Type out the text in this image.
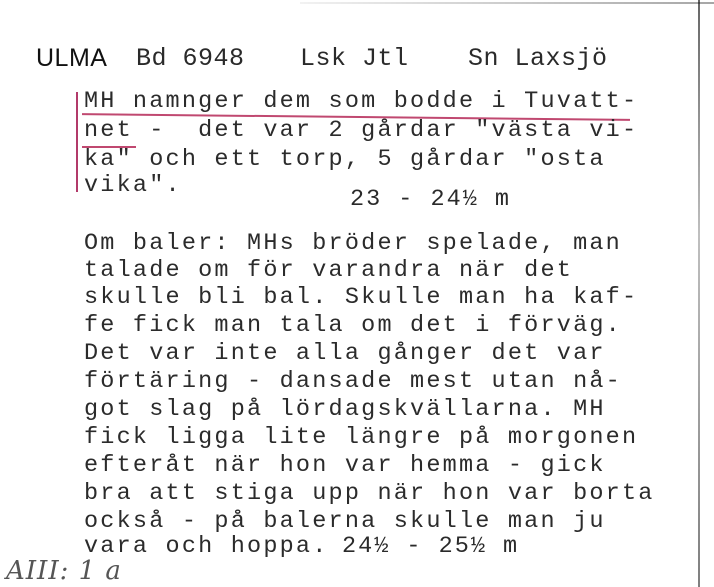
ULMA Bd 6948 Lsk Jtl Sn Laxsjö
MH namnger dem som bodde i Tuvatt-
net -  det var 2 gårdar "västa vi-
ka" och ett torp, 5 gårdar "osta
vika".
23 - 24½ m
Om baler: MHs bröder spelade, man
talade om för varandra när det
skulle bli bal. Skulle man ha kaf-
fe fick man tala om det i förväg.
Det var inte alla gånger det var
förtäring - dansade mest utan nå-
got slag på lördagskvällarna. MH
fick ligga lite längre på morgonen
efteråt när hon var hemma - gick
bra att stiga upp när hon var borta
också - på balerna skulle man ju
vara och hoppa. 24½ - 25½ m
AIII: 1 a
